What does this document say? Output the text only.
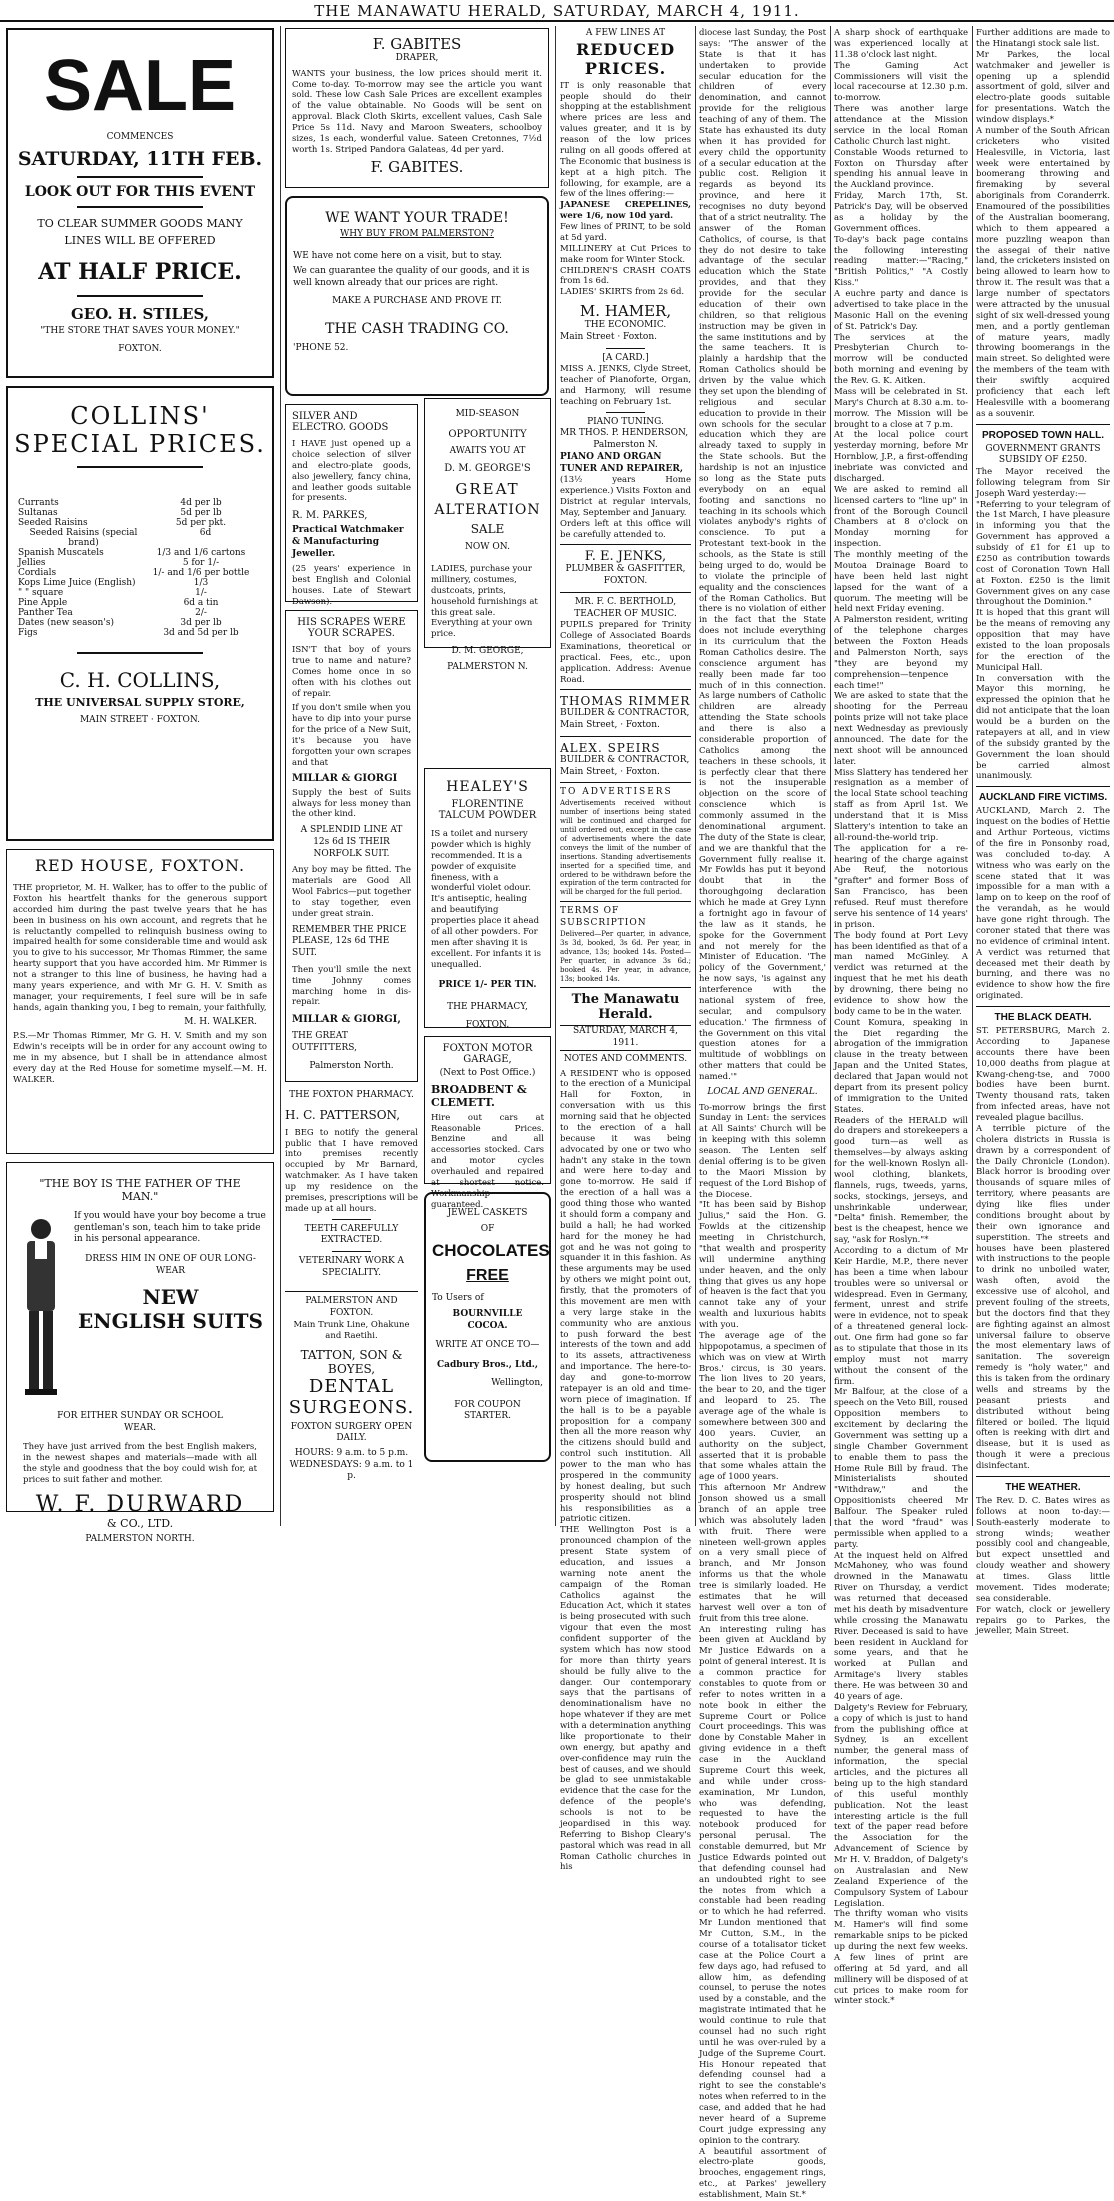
THE MANAWATU HERALD, SATURDAY, MARCH 4, 1911.
SALE
COMMENCES
SATURDAY, 11TH FEB.
LOOK OUT FOR THIS EVENT
TO CLEAR SUMMER GOODS MANY LINES WILL BE OFFERED
AT HALF PRICE.
GEO. H. STILES,
"THE STORE THAT SAVES YOUR MONEY."
FOXTON.
COLLINS'
SPECIAL PRICES.
Currants	4d per lb
Sultanas	5d per lb
Seeded Raisins	5d per pkt.
Seeded Raisins (special brand)
6d
Spanish Muscatels	1/3 and 1/6 cartons
Jellies	5 for 1/-
Cordials	1/- and 1/6 per bottle
Kops Lime Juice (English)	1/3
" " square	1/-
Pine Apple	6d a tin
Panther Tea	2/-
Dates (new season's)	3d per lb
Figs	3d and 5d per lb
C. H. COLLINS,
THE UNIVERSAL SUPPLY STORE,
MAIN STREET · FOXTON.
RED HOUSE, FOXTON.
THE proprietor, M. H. Walker, has to offer to the public of Foxton his heartfelt thanks for the generous support accorded him during the past twelve years that he has been in business on his own account, and regrets that he is reluctantly compelled to relinquish business owing to impaired health for some considerable time and would ask you to give to his successor, Mr Thomas Rimmer, the same hearty support that you have accorded him. Mr Rimmer is not a stranger to this line of business, he having had a many years experience, and with Mr G. H. V. Smith as manager, your requirements, I feel sure will be in safe hands, again thanking you, I beg to remain, your faithfully,
M. H. WALKER.
P.S.—Mr Thomas Rimmer, Mr G. H. V. Smith and my son Edwin's receipts will be in order for any account owing to me in my absence, but I shall be in attendance almost every day at the Red House for sometime myself.—M. H. WALKER.
"THE BOY IS THE FATHER OF THE MAN."
If you would have your boy become a true gentleman's son, teach him to take pride in his personal appearance.
DRESS HIM IN ONE OF OUR LONG-WEAR
NEW
ENGLISH SUITS
FOR EITHER SUNDAY OR SCHOOL WEAR.
They have just arrived from the best English makers, in the newest shapes and materials—made with all the style and goodness that the boy could wish for, at prices to suit father and mother.
W. F. DURWARD
& CO., LTD.
PALMERSTON NORTH.
F. GABITES
DRAPER,
WANTS your business, the low prices should merit it. Come to-day. To-morrow may see the article you want sold. These low Cash Sale Prices are excellent examples of the value obtainable. No Goods will be sent on approval. Black Cloth Skirts, excellent values, Cash Sale Price 5s 11d. Navy and Maroon Sweaters, schoolboy sizes, 1s each, wonderful value. Sateen Cretonnes, 7½d worth 1s. Striped Pandora Galateas, 4d per yard.
F. GABITES.
WE WANT YOUR TRADE!
WHY BUY FROM PALMERSTON?
WE have not come here on a visit, but to stay.
We can guarantee the quality of our goods, and it is well known already that our prices are right.
MAKE A PURCHASE AND PROVE IT.
THE CASH TRADING CO.
'PHONE 52.
SILVER AND ELECTRO. GOODS
I HAVE just opened up a choice selection of silver and electro-plate goods, also jewellery, fancy china, and leather goods suitable for presents.
R. M. PARKES,
Practical Watchmaker & Manufacturing Jeweller.
(25 years' experience in best English and Colonial houses. Late of Stewart Dawson).
HIS SCRAPES WERE YOUR SCRAPES.
ISN'T that boy of yours true to name and nature? Comes home once in so often with his clothes out of repair.
If you don't smile when you have to dip into your purse for the price of a New Suit, it's because you have forgotten your own scrapes and that
MILLAR & GIORGI
Supply the best of Suits always for less money than the other kind.
A SPLENDID LINE AT 12s 6d IS THEIR NORFOLK SUIT.
Any boy may be fitted. The materials are Good All Wool Fabrics—put together to stay together, even under great strain.
REMEMBER THE PRICE PLEASE, 12s 6d THE SUIT.
Then you'll smile the next time Johnny comes marching home in dis-repair.
MILLAR & GIORGI,
THE GREAT OUTFITTERS,
Palmerston North.
THE FOXTON PHARMACY.
H. C. PATTERSON,
I BEG to notify the general public that I have removed into premises recently occupied by Mr Barnard, watchmaker. As I have taken up my residence on the premises, prescriptions will be made up at all hours.
TEETH CAREFULLY EXTRACTED.
VETERINARY WORK A SPECIALITY.
PALMERSTON AND FOXTON.
Main Trunk Line, Ohakune and Raetihi.
TATTON, SON & BOYES,
DENTAL
SURGEONS.
FOXTON SURGERY OPEN DAILY.
HOURS: 9 a.m. to 5 p.m.
WEDNESDAYS: 9 a.m. to 1 p.
MID-SEASON
OPPORTUNITY
AWAITS YOU AT
D. M. GEORGE'S
GREAT
ALTERATION
SALE
NOW ON.
LADIES, purchase your millinery, costumes, dustcoats, prints, household furnishings at this great sale. Everything at your own price.
D. M. GEORGE,
PALMERSTON N.
HEALEY'S
FLORENTINE TALCUM POWDER
IS a toilet and nursery powder which is highly recommended. It is a powder of exquisite fineness, with a wonderful violet odour. It's antiseptic, healing and beautifying properties place it ahead of all other powders. For men after shaving it is excellent. For infants it is unequalled.
PRICE 1/- PER TIN.
THE PHARMACY,
FOXTON.
FOXTON MOTOR GARAGE,
(Next to Post Office.)
BROADBENT & CLEMETT.
Hire out cars at Reasonable Prices. Benzine and all accessories stocked. Cars and motor cycles overhauled and repaired at shortest notice. Workmanship guaranteed.
JEWEL CASKETS
OF
CHOCOLATES
FREE
To Users of
BOURNVILLE COCOA.
WRITE AT ONCE TO—
Cadbury Bros., Ltd.,
Wellington,
FOR COUPON STARTER.
A FEW LINES AT
REDUCED PRICES.
IT is only reasonable that people should do their shopping at the establishment where prices are less and values greater, and it is by reason of the low prices ruling on all goods offered at The Economic that business is kept at a high pitch. The following, for example, are a few of the lines offering:—
JAPANESE CREPELINES, were 1/6, now 10d yard.
Few lines of PRINT, to be sold at 5d yard.
MILLINERY at Cut Prices to make room for Winter Stock.
CHILDREN'S CRASH COATS from 1s 6d.
LADIES' SKIRTS from 2s 6d.
M. HAMER,
THE ECONOMIC.
Main Street · Foxton.
[A CARD.]
MISS A. JENKS, Clyde Street, teacher of Pianoforte, Organ, and Harmony, will resume teaching on February 1st.
PIANO TUNING.
MR THOS. P. HENDERSON,
Palmerston N.
PIANO AND ORGAN TUNER AND REPAIRER,
(13½ years Home experience.) Visits Foxton and District at regular intervals, May, September and January.
Orders left at this office will be carefully attended to.
F. E. JENKS,
PLUMBER & GASFITTER,
FOXTON.
MR. F. C. BERTHOLD,
TEACHER OF MUSIC.
PUPILS prepared for Trinity College of Associated Boards Examinations, theoretical or practical. Fees, etc., upon application. Address: Avenue Road.
THOMAS RIMMER
BUILDER & CONTRACTOR,
Main Street, · Foxton.
ALEX. SPEIRS
BUILDER & CONTRACTOR,
Main Street, · Foxton.
TO ADVERTISERS
Advertisements received without number of insertions being stated will be continued and charged for until ordered out, except in the case of advertisements where the date conveys the limit of the number of insertions. Standing advertisements inserted for a specified time, and ordered to be withdrawn before the expiration of the term contracted for will be charged for the full period.
TERMS OF SUBSCRIPTION
Delivered—Per quarter, in advance, 3s 3d, booked, 3s 6d. Per year, in advance, 13s; booked 14s. Posted—Per quarter, in advance 3s 6d.; booked 4s. Per year, in advance, 13s; booked 14s.
The Manawatu Herald.
SATURDAY, MARCH 4, 1911.
NOTES AND COMMENTS.
A RESIDENT who is opposed to the erection of a Municipal Hall for Foxton, in conversation with us this morning said that he objected to the erection of a hall because it was being advocated by one or two who hadn't any stake in the town and were here to-day and gone to-morrow. He said if the erection of a hall was a good thing those who wanted it should form a company and build a hall; he had worked hard for the money he had got and he was not going to squander it in this fashion. As these arguments may be used by others we might point out, firstly, that the promoters of this movement are men with a very large stake in the community who are anxious to push forward the best interests of the town and add to its assets, attractiveness and importance. The here-to-day and gone-to-morrow ratepayer is an old and time-worn piece of imagination. If the hall is to be a payable proposition for a company then all the more reason why the citizens should build and control such institution. All power to the man who has prospered in the community by honest dealing, but such prosperity should not blind his responsibilities as a patriotic citizen.
THE Wellington Post is a pronounced champion of the present State system of education, and issues a warning note anent the campaign of the Roman Catholics against the Education Act, which it states is being prosecuted with such vigour that even the most confident supporter of the system which has now stood for more than thirty years should be fully alive to the danger. Our contemporary says that the partisans of denominationalism have no hope whatever if they are met with a determination anything like proportionate to their own energy, but apathy and over-confidence may ruin the best of causes, and we should be glad to see unmistakable evidence that the case for the defence of the people's schools is not to be jeopardised in this way. Referring to Bishop Cleary's pastoral which was read in all Roman Catholic churches in his
diocese last Sunday, the Post says: "The answer of the State is that it has undertaken to provide secular education for the children of every denomination, and cannot provide for the religious teaching of any of them. The State has exhausted its duty when it has provided for every child the opportunity of a secular education at the public cost. Religion it regards as beyond its province, and here it recognises no duty beyond that of a strict neutrality. The answer of the Roman Catholics, of course, is that they do not desire to take advantage of the secular education which the State provides, and that they provide for the secular education of their own children, so that religious instruction may be given in the same institutions and by the same teachers. It is plainly a hardship that the Roman Catholics should be driven by the value which they set upon the blending of religious and secular education to provide in their own schools for the secular education which they are already taxed to supply in the State schools. But the hardship is not an injustice so long as the State puts everybody on an equal footing and sanctions no teaching in its schools which violates anybody's rights of conscience. To put a Protestant text-book in the schools, as the State is still being urged to do, would be to violate the principle of equality and the consciences of the Roman Catholics. But there is no violation of either in the fact that the State does not include everything in its curriculum that the Roman Catholics desire. The conscience argument has really been made far too much of in this connection. As large numbers of Catholic children are already attending the State schools and there is also a considerable proportion of Catholics among the teachers in these schools, it is perfectly clear that there is not the insuperable objection on the score of conscience which is commonly assumed in the denominational argument. The duty of the State is clear, and we are thankful that the Government fully realise it. Mr Fowlds has put it beyond doubt that in the thoroughgoing declaration which he made at Grey Lynn a fortnight ago in favour of the law as it stands, he spoke for the Government and not merely for the Minister of Education. 'The policy of the Government,' he now says, 'is against any interference with the national system of free, secular, and compulsory education.' The firmness of the Government on this vital question atones for a multitude of wobblings on other matters that could be named.'"
LOCAL AND GENERAL.
To-morrow brings the first Sunday in Lent: the services at All Saints' Church will be in keeping with this solemn season. The Lenten self denial offering is to be given to the Maori Mission by request of the Lord Bishop of the Diocese.
"It has been said by Bishop Julius," said the Hon. G. Fowlds at the citizenship meeting in Christchurch, "that wealth and prosperity will undermine anything under heaven, and the only thing that gives us any hope of heaven is the fact that you cannot take any of your wealth and luxurious habits with you.
The average age of the hippopotamus, a specimen of which was on view at Wirth Bros.' circus, is 30 years. The lion lives to 20 years, the bear to 20, and the tiger and leopard to 25. The average age of the whale is somewhere between 300 and 400 years. Cuvier, an authority on the subject, asserted that it is probable that some whales attain the age of 1000 years.
This afternoon Mr Andrew Jonson showed us a small branch of an apple tree which was absolutely laden with fruit. There were nineteen well-grown apples on a very small piece of branch, and Mr Jonson informs us that the whole tree is similarly loaded. He estimates that he will harvest well over a ton of fruit from this tree alone.
An interesting ruling has been given at Auckland by Mr Justice Edwards on a point of general interest. It is a common practice for constables to quote from or refer to notes written in a note book in either the Supreme Court or Police Court proceedings. This was done by Constable Maher in giving evidence in a theft case in the Auckland Supreme Court this week, and while under cross-examination, Mr Lundon, who was defending, requested to have the notebook produced for personal perusal. The constable demurred, but Mr Justice Edwards pointed out that defending counsel had an undoubted right to see the notes from which a constable had been reading or to which he had referred. Mr Lundon mentioned that Mr Cutton, S.M., in the course of a totalisator ticket case at the Police Court a few days ago, had refused to allow him, as defending counsel, to peruse the notes used by a constable, and the magistrate intimated that he would continue to rule that counsel had no such right until he was over-ruled by a Judge of the Supreme Court. His Honour repeated that defending counsel had a right to see the constable's notes when referred to in the case, and added that he had never heard of a Supreme Court judge expressing any opinion to the contrary.
A beautiful assortment of electro-plate goods, brooches, engagement rings, etc., at Parkes' jewellery establishment, Main St.*
A sharp shock of earthquake was experienced locally at 11.38 o'clock last night.
The Gaming Act Commissioners will visit the local racecourse at 12.30 p.m. to-morrow.
There was another large attendance at the Mission service in the local Roman Catholic Church last night.
Constable Woods returned to Foxton on Thursday after spending his annual leave in the Auckland province.
Friday, March 17th, St. Patrick's Day, will be observed as a holiday by the Government offices.
To-day's back page contains the following interesting reading matter:—"Racing," "British Politics," "A Costly Kiss."
A euchre party and dance is advertised to take place in the Masonic Hall on the evening of St. Patrick's Day.
The services at the Presbyterian Church to-morrow will be conducted both morning and evening by the Rev. G. K. Aitken.
Mass will be celebrated in St. Mary's Church at 8.30 a.m. to-morrow. The Mission will be brought to a close at 7 p.m.
At the local police court yesterday morning, before Mr Hornblow, J.P., a first-offending inebriate was convicted and discharged.
We are asked to remind all licensed carters to "line up" in front of the Borough Council Chambers at 8 o'clock on Monday morning for inspection.
The monthly meeting of the Moutoa Drainage Board to have been held last night lapsed for the want of a quorum. The meeting will be held next Friday evening.
A Palmerston resident, writing of the telephone charges between the Foxton Heads and Palmerston North, says "they are beyond my comprehension—tenpence each time!"
We are asked to state that the shooting for the Perreau points prize will not take place next Wednesday as previously announced. The date for the next shoot will be announced later.
Miss Slattery has tendered her resignation as a member of the local State school teaching staff as from April 1st. We understand that it is Miss Slattery's intention to take an all-round-the-world trip.
The application for a re-hearing of the charge against Abe Reuf, the notorious "grafter" and former Boss of San Francisco, has been refused. Reuf must therefore serve his sentence of 14 years' in prison.
The body found at Port Levy has been identified as that of a man named McGinley. A verdict was returned at the inquest that he met his death by drowning, there being no evidence to show how the body came to be in the water.
Count Komura, speaking in the Diet regarding the abrogation of the immigration clause in the treaty between Japan and the United States, declared that Japan would not depart from its present policy of immigration to the United States.
Readers of the HERALD will do drapers and storekeepers a good turn—as well as themselves—by always asking for the well-known Roslyn all-wool clothing, blankets, flannels, rugs, tweeds, yarns, socks, stockings, jerseys, and unshrinkable underwear, "Delta" finish. Remember, the best is the cheapest, hence we say, "ask for Roslyn."*
According to a dictum of Mr Keir Hardie, M.P., there never has been a time when labour troubles were so universal or widespread. Even in Germany, ferment, unrest and strife were in evidence, not to speak of a threatened general lock-out. One firm had gone so far as to stipulate that those in its employ must not marry without the consent of the firm.
Mr Balfour, at the close of a speech on the Veto Bill, roused Opposition members to excitement by declaring the Government was setting up a single Chamber Government to enable them to pass the Home Rule Bill by fraud. The Ministerialists shouted "Withdraw," and the Oppositionists cheered Mr Balfour. The Speaker ruled that the word "fraud" was permissible when applied to a party.
At the inquest held on Alfred McMahoney, who was found drowned in the Manawatu River on Thursday, a verdict was returned that deceased met his death by misadventure while crossing the Manawatu River. Deceased is said to have been resident in Auckland for some years, and that he worked at Pullan and Armitage's livery stables there. He was between 30 and 40 years of age.
Dalgety's Review for February, a copy of which is just to hand from the publishing office at Sydney, is an excellent number, the general mass of information, the special articles, and the pictures all being up to the high standard of this useful monthly publication. Not the least interesting article is the full text of the paper read before the Association for the Advancement of Science by Mr H. V. Braddon, of Dalgety's on Australasian and New Zealand Experience of the Compulsory System of Labour Legislation.
The thrifty woman who visits M. Hamer's will find some remarkable snips to be picked up during the next few weeks. A few lines of print are offering at 5d yard, and all millinery will be disposed of at cut prices to make room for winter stock.*
Further additions are made to the Hinatangi stock sale list.
Mr Parkes, the local watchmaker and jeweller is opening up a splendid assortment of gold, silver and electro-plate goods suitable for presentations. Watch the window displays.*
A number of the South African cricketers who visited Healesville, in Victoria, last week were entertained by boomerang throwing and firemaking by several aboriginals from Coranderrk. Enamoured of the possibilities of the Australian boomerang, which to them appeared a more puzzling weapon than the assegai of their native land, the cricketers insisted on being allowed to learn how to throw it. The result was that a large number of spectators were attracted by the unusual sight of six well-dressed young men, and a portly gentleman of mature years, madly throwing boomerangs in the main street. So delighted were the members of the team with their swiftly acquired proficiency that each left Healesville with a boomerang as a souvenir.
PROPOSED TOWN HALL.
GOVERNMENT GRANTS SUBSIDY OF £250.
The Mayor received the following telegram from Sir Joseph Ward yesterday:—
"Referring to your telegram of the 1st March, I have pleasure in informing you that the Government has approved a subsidy of £1 for £1 up to £250 as contribution towards cost of Coronation Town Hall at Foxton. £250 is the limit Government gives on any case throughout the Dominion."
It is hoped that this grant will be the means of removing any opposition that may have existed to the loan proposals for the erection of the Municipal Hall.
In conversation with the Mayor this morning, he expressed the opinion that he did not anticipate that the loan would be a burden on the ratepayers at all, and in view of the subsidy granted by the Government the loan should be carried almost unanimously.
AUCKLAND FIRE VICTIMS.
AUCKLAND, March 2. The inquest on the bodies of Hettie and Arthur Porteous, victims of the fire in Ponsonby road, was concluded to-day. A witness who was early on the scene stated that it was impossible for a man with a lamp on to keep on the roof of the verandah, as he would have gone right through. The coroner stated that there was no evidence of criminal intent. A verdict was returned that deceased met their death by burning, and there was no evidence to show how the fire originated.
THE BLACK DEATH.
ST. PETERSBURG, March 2. According to Japanese accounts there have been 10,000 deaths from plague at Kwang-cheng-tse, and 7000 bodies have been burnt. Twenty thousand rats, taken from infected areas, have not revealed plague bacillus.
A terrible picture of the cholera districts in Russia is drawn by a correspondent of the Daily Chronicle (London). Black horror is brooding over thousands of square miles of territory, where peasants are dying like flies under conditions brought about by their own ignorance and superstition. The streets and houses have been plastered with instructions to the people to drink no unboiled water, wash often, avoid the excessive use of alcohol, and prevent fouling of the streets, but the doctors find that they are fighting against an almost universal failure to observe the most elementary laws of sanitation. The sovereign remedy is "holy water," and this is taken from the ordinary wells and streams by the peasant priests and distributed without being filtered or boiled. The liquid often is reeking with dirt and disease, but it is used as though it were a precious disinfectant.
THE WEATHER.
The Rev. D. C. Bates wires as follows at noon to-day:—South-easterly moderate to strong winds; weather possibly cool and changeable, but expect unsettled and cloudy weather and showery at times. Glass little movement. Tides moderate; sea considerable.
For watch, clock or jewellery repairs go to Parkes, the jeweller, Main Street.
